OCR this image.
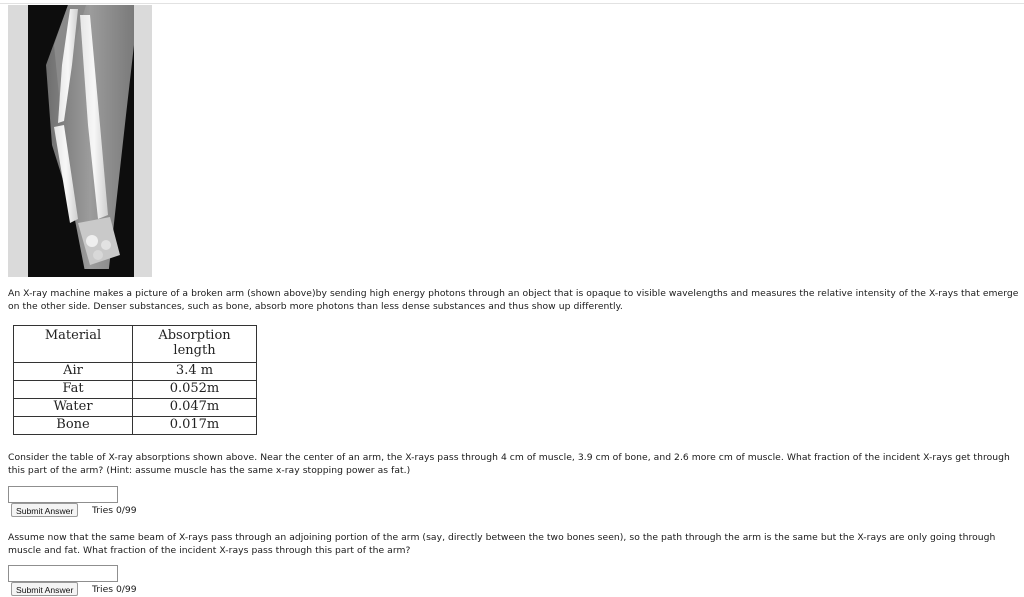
An X-ray machine makes a picture of a broken arm (shown above)by sending high energy photons through an object that is opaque to visible wavelengths and measures the relative intensity of the X-rays that emerge on the other side. Denser substances, such as bone, absorb more photons than less dense substances and thus show up differently.
Material	Absorption length
Air	3.4 m
Fat	0.052m
Water	0.047m
Bone	0.017m
Consider the table of X-ray absorptions shown above. Near the center of an arm, the X-rays pass through 4 cm of muscle, 3.9 cm of bone, and 2.6 more cm of muscle. What fraction of the incident X-rays get through this part of the arm? (Hint: assume muscle has the same x-ray stopping power as fat.)
Submit Answer	Tries 0/99
Assume now that the same beam of X-rays pass through an adjoining portion of the arm (say, directly between the two bones seen), so the path through the arm is the same but the X-rays are only going through muscle and fat. What fraction of the incident X-rays pass through this part of the arm?
Submit Answer	Tries 0/99
